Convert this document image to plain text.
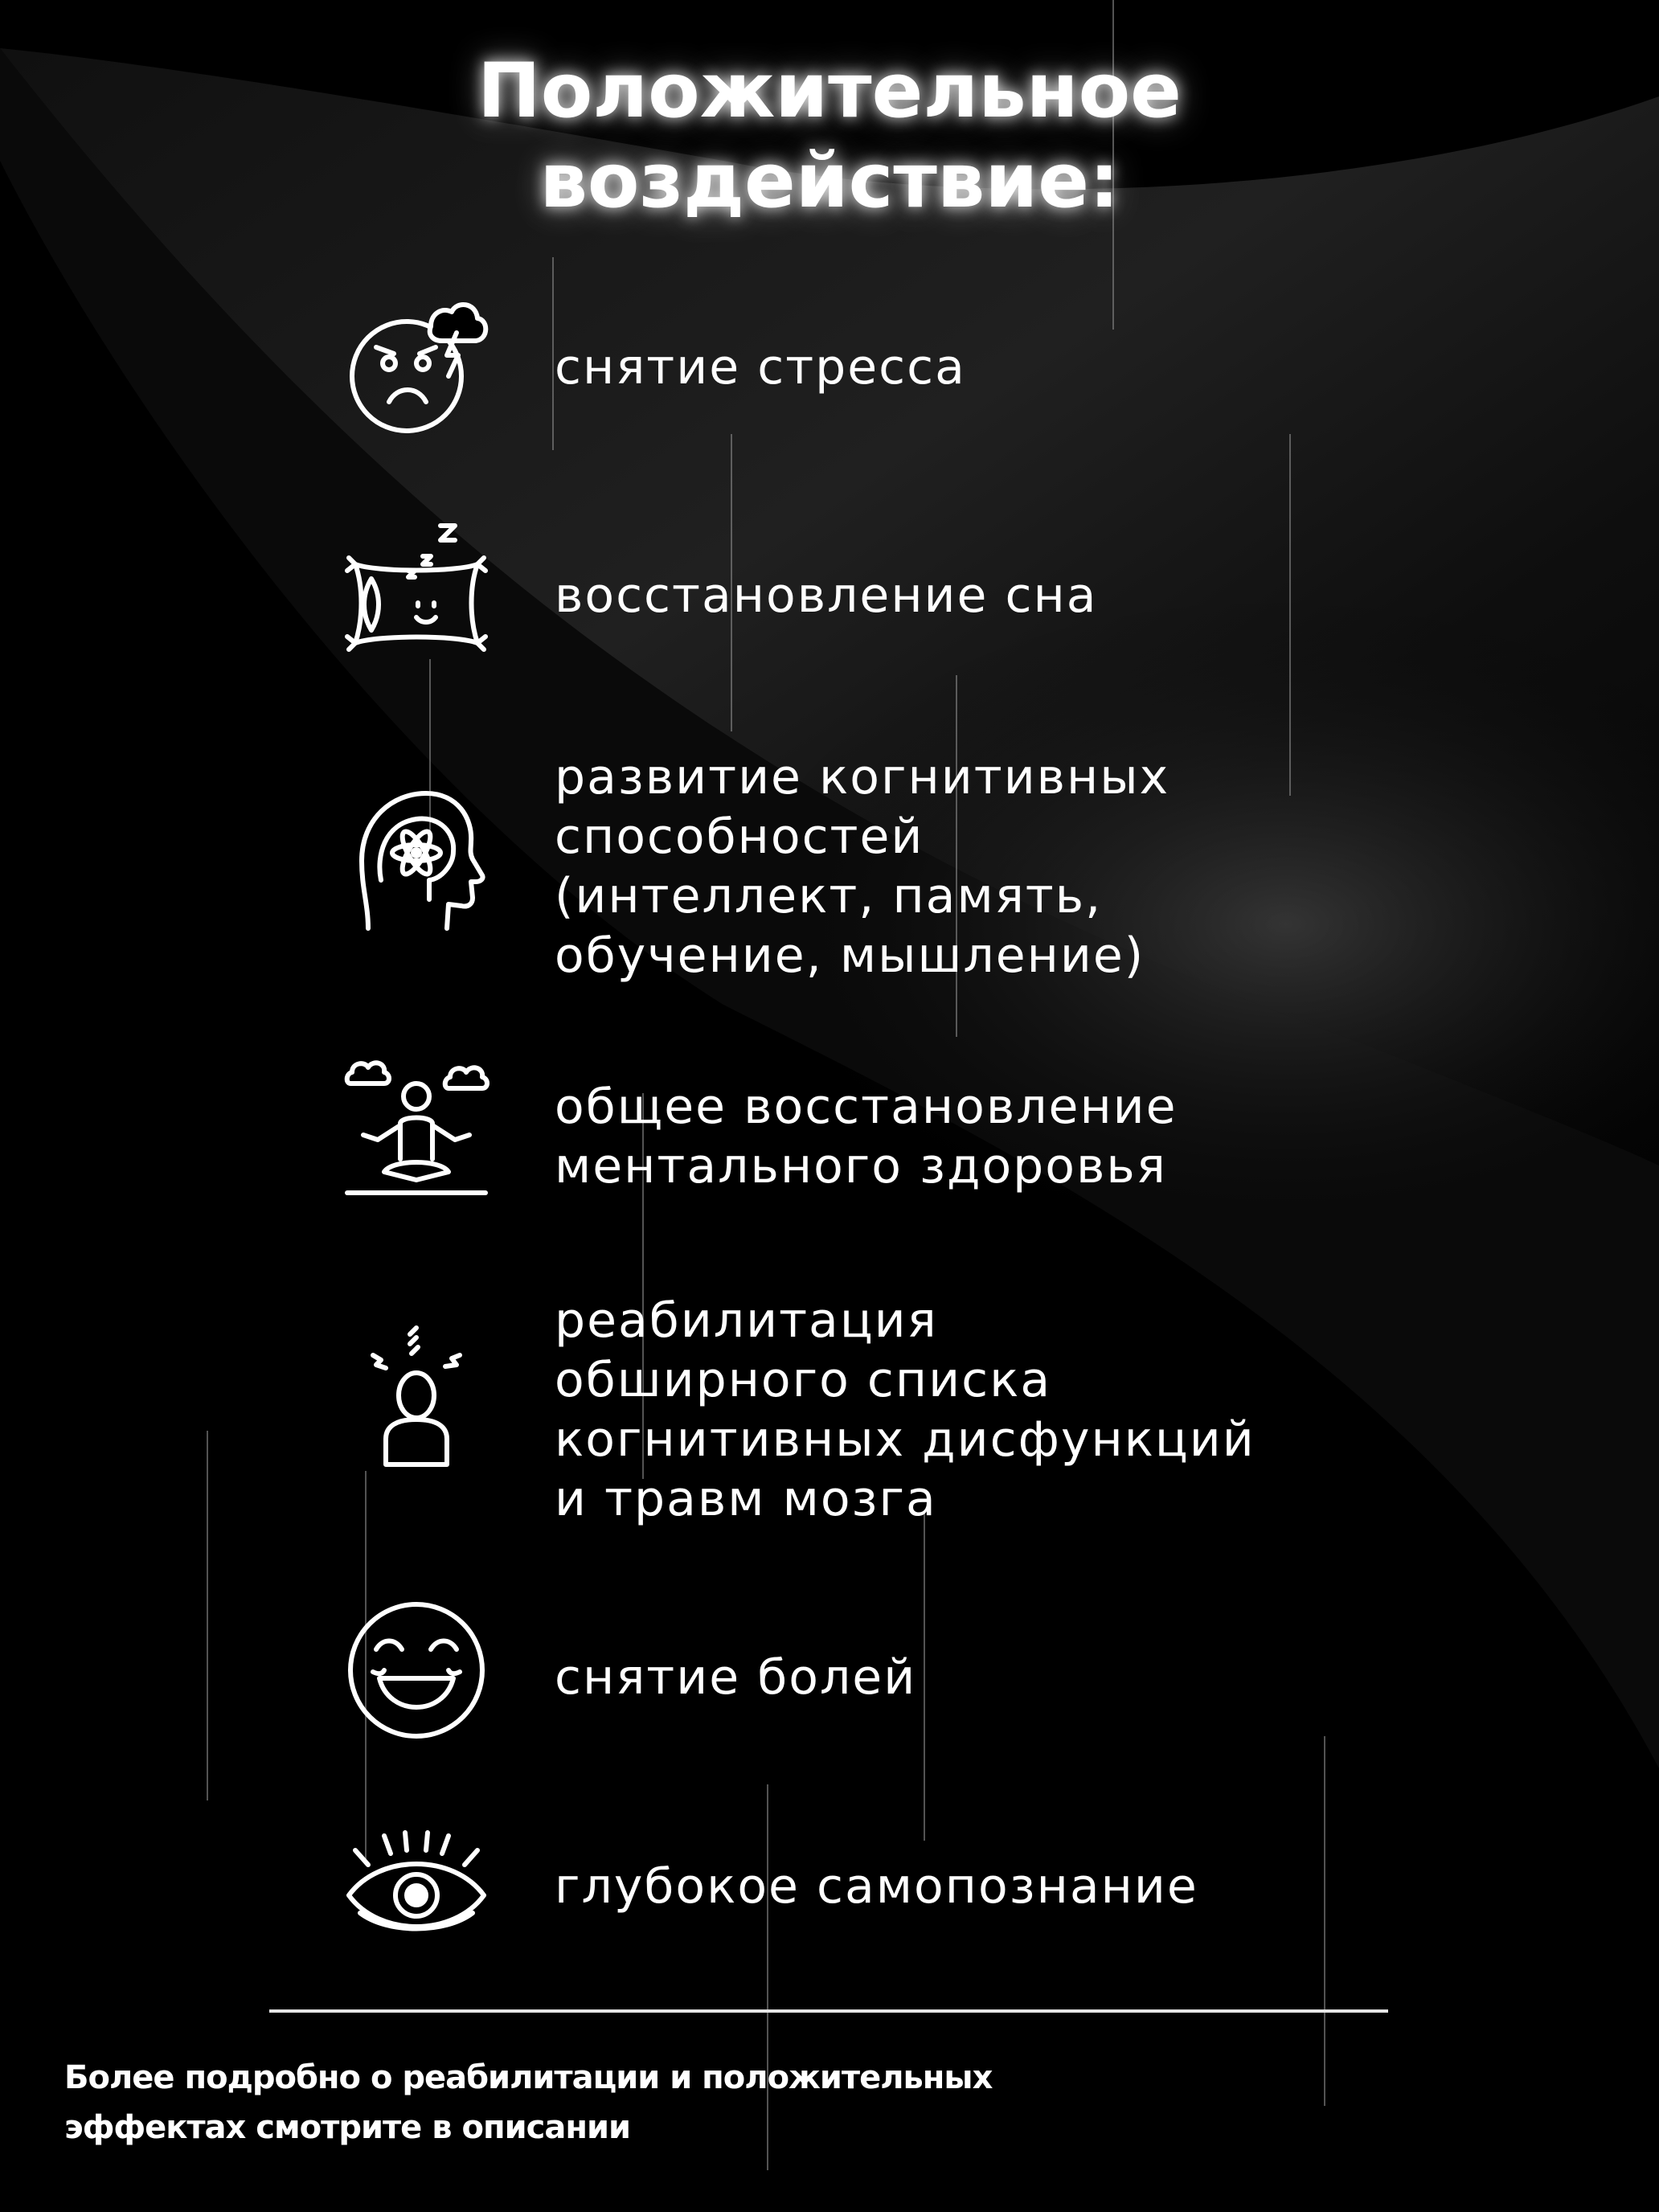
Положительное
воздействие:
снятие стресса
восстановление сна
развитие когнитивных
способностей
(интеллект, память,
обучение, мышление)
общее восстановление
ментального здоровья
реабилитация
обширного списка
когнитивных дисфункций
и травм мозга
снятие болей
глубокое самопознание
Более подробно о реабилитации и положительных
эффектах смотрите в описании
